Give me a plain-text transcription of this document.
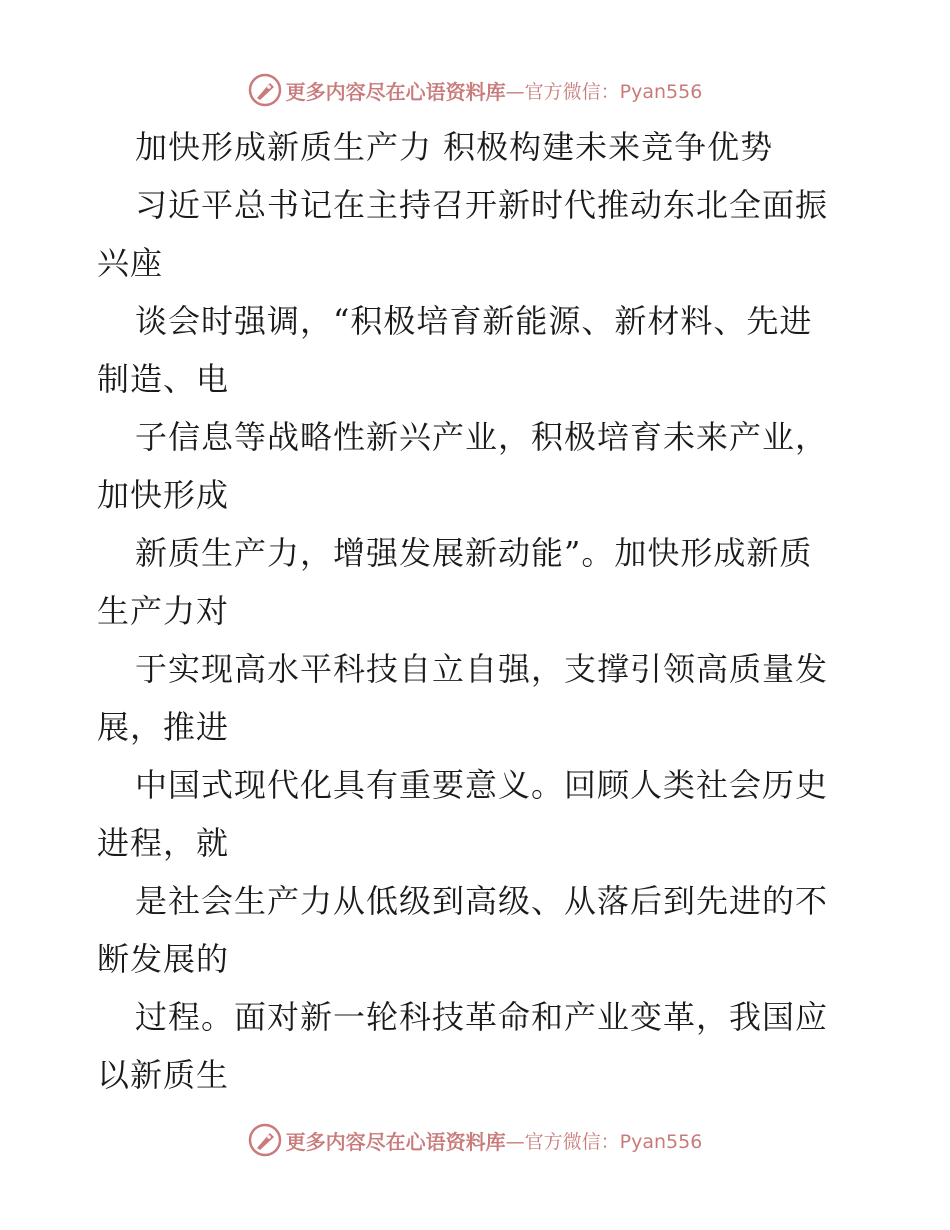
更多内容尽在心语资料库 —官方微信：Pyan556
加快形成新质生产力 积极构建未来竞争优势
习近平总书记在主持召开新时代推动东北全面振
兴座
谈会时强调，“积极培育新能源、新材料、先进
制造、电
子信息等战略性新兴产业，积极培育未来产业，
加快形成
新质生产力，增强发展新动能”。加快形成新质
生产力对
于实现高水平科技自立自强，支撑引领高质量发
展，推进
中国式现代化具有重要意义。回顾人类社会历史
进程，就
是社会生产力从低级到高级、从落后到先进的不
断发展的
过程。面对新一轮科技革命和产业变革，我国应
以新质生
更多内容尽在心语资料库 —官方微信：Pyan556
